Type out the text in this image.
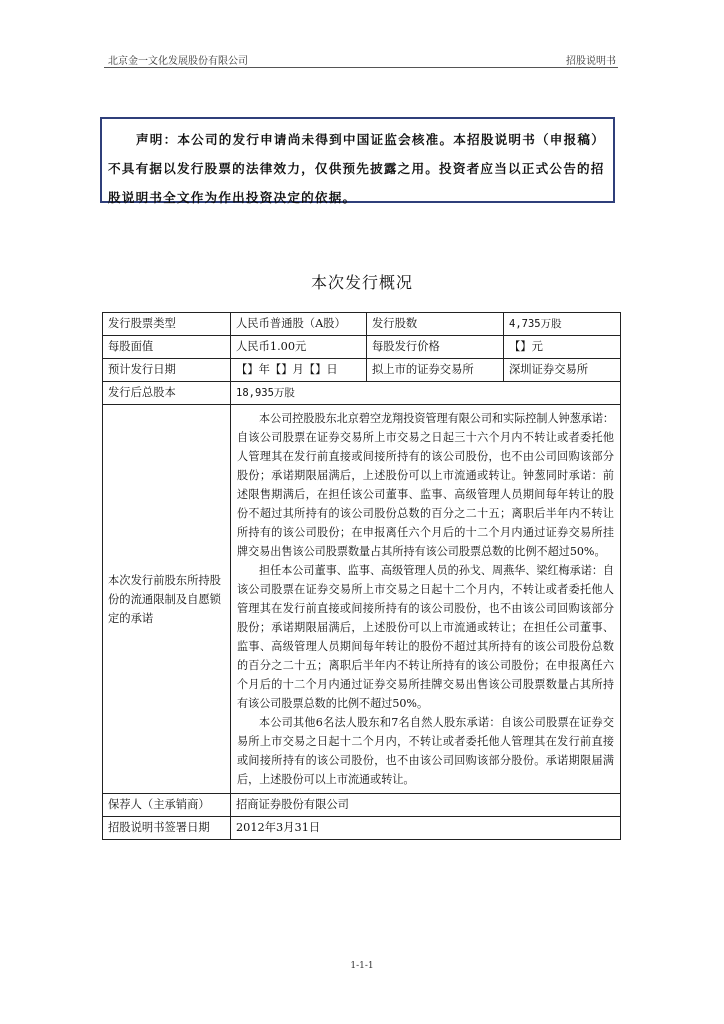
北京金一文化发展股份有限公司	招股说明书

声明：本公司的发行申请尚未得到中国证监会核准。本招股说明书（申报稿）不具有据以发行股票的法律效力，仅供预先披露之用。投资者应当以正式公告的招股说明书全文作为作出投资决定的依据。

本次发行概况
发行股票类型	人民币普通股（A股）	发行股数	4,735万股
每股面值	人民币1.00元	每股发行价格	【】元
预计发行日期	【】年【】月【】日	拟上市的证券交易所	深圳证券交易所
发行后总股本	18,935万股		
本次发行前股东所持股份的流通限制及自愿锁定的承诺	本公司控股股东北京碧空龙翔投资管理有限公司和实际控制人钟葱承诺：自该公司股票在证券交易所上市交易之日起三十六个月内不转让或者委托他人管理其在发行前直接或间接所持有的该公司股份，也不由公司回购该部分股份；承诺期限届满后，上述股份可以上市流通或转让。钟葱同时承诺：前述限售期满后，在担任该公司董事、监事、高级管理人员期间每年转让的股份不超过其所持有的该公司股份总数的百分之二十五；离职后半年内不转让所持有的该公司股份；在申报离任六个月后的十二个月内通过证券交易所挂牌交易出售该公司股票数量占其所持有该公司股票总数的比例不超过50%。

担任本公司董事、监事、高级管理人员的孙戈、周燕华、梁红梅承诺：自该公司股票在证券交易所上市交易之日起十二个月内，不转让或者委托他人管理其在发行前直接或间接所持有的该公司股份，也不由该公司回购该部分股份；承诺期限届满后，上述股份可以上市流通或转让；在担任公司董事、监事、高级管理人员期间每年转让的股份不超过其所持有的该公司股份总数的百分之二十五；离职后半年内不转让所持有的该公司股份；在申报离任六个月后的十二个月内通过证券交易所挂牌交易出售该公司股票数量占其所持有该公司股票总数的比例不超过50%。

本公司其他6名法人股东和7名自然人股东承诺：自该公司股票在证券交易所上市交易之日起十二个月内，不转让或者委托他人管理其在发行前直接或间接所持有的该公司股份，也不由该公司回购该部分股份。承诺期限届满后，上述股份可以上市流通或转让。		

保荐人（主承销商）	招商证券股份有限公司		
招股说明书签署日期	2012年3月31日		
1-1-1
